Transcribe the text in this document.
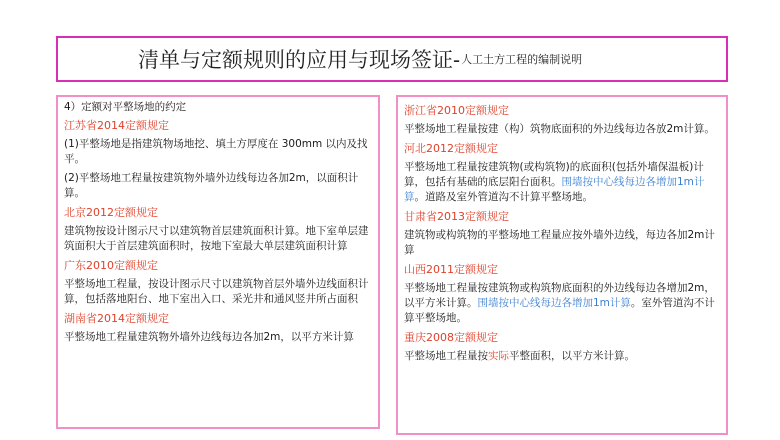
清单与定额规则的应用与现场签证- 人工土方工程的编制说明

4）定额对平整场地的约定

江苏省2014定额规定

(1)平整场地是指建筑物场地挖、填土方厚度在 300mm 以内及找平。

(2)平整场地工程量按建筑物外墙外边线每边各加2m，以面积计算。

北京2012定额规定

建筑物按设计图示尺寸以建筑物首层建筑面积计算。地下室单层建筑面积大于首层建筑面积时，按地下室最大单层建筑面积计算

广东2010定额规定

平整场地工程量，按设计图示尺寸以建筑物首层外墙外边线面积计算，包括落地阳台、地下室出入口、采光井和通风竖井所占面积

湖南省2014定额规定

平整场地工程量建筑物外墙外边线每边各加2m，以平方米计算

浙江省2010定额规定

平整场地工程量按建（构）筑物底面积的外边线每边各放2m计算。

河北2012定额规定

平整场地工程量按建筑物(或构筑物)的底面积(包括外墙保温板)计算，包括有基础的底层阳台面积。围墙按中心线每边各增加1m计算。道路及室外管道沟不计算平整场地。

甘肃省2013定额规定

建筑物或构筑物的平整场地工程量应按外墙外边线，每边各加2m计算

山西2011定额规定

平整场地工程量按建筑物或构筑物底面积的外边线每边各增加2m，以平方米计算。围墙按中心线每边各增加1m计算。室外管道沟不计算平整场地。

重庆2008定额规定

平整场地工程量按实际平整面积，以平方米计算。
